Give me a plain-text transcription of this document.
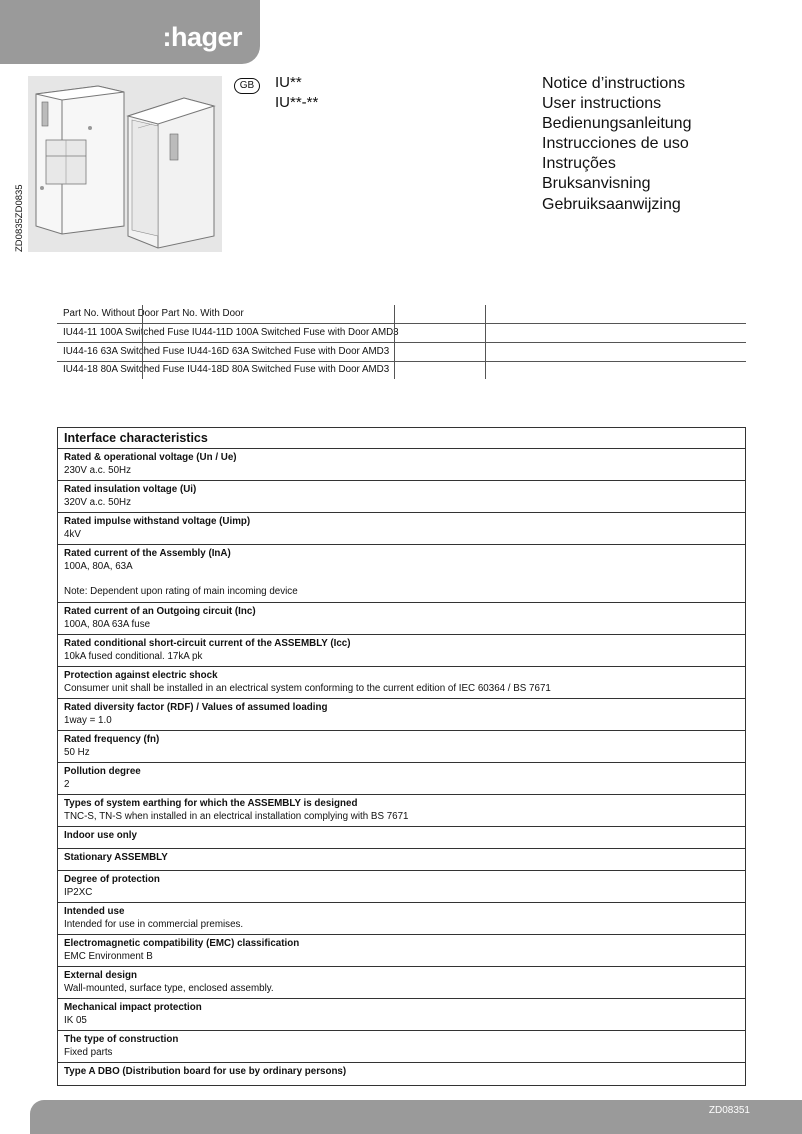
:hager
ZD0835ZD0835
GB	IU**
IU**-**
Notice d’instructions
User instructions
Bedienungsanleitung
Instrucciones de uso
Instruções
Bruksanvisning
Gebruiksaanwijzing
Part No. Without Door Part No. With Door
IU44-11 100A Switched Fuse IU44-11D 100A Switched Fuse with Door AMD3
IU44-16 63A Switched Fuse IU44-16D 63A Switched Fuse with Door AMD3
IU44-18 80A Switched Fuse IU44-18D 80A Switched Fuse with Door AMD3
Interface characteristics
Rated & operational voltage (Un / Ue)
230V a.c. 50Hz
Rated insulation voltage (Ui)
320V a.c. 50Hz
Rated impulse withstand voltage (Uimp)
4kV
Rated current of the Assembly (InA)
100A, 80A, 63A

Note: Dependent upon rating of main incoming device
Rated current of an Outgoing circuit (Inc)
100A, 80A 63A fuse
Rated conditional short-circuit current of the ASSEMBLY (Icc)
10kA fused conditional. 17kA pk
Protection against electric shock
Consumer unit shall be installed in an electrical system conforming to the current edition of IEC 60364 / BS 7671
Rated diversity factor (RDF) / Values of assumed loading
1way = 1.0
Rated frequency (fn)
50 Hz
Pollution degree
2
Types of system earthing for which the ASSEMBLY is designed
TNC-S, TN-S when installed in an electrical installation complying with BS 7671
Indoor use only
Stationary ASSEMBLY
Degree of protection
IP2XC
Intended use
Intended for use in commercial premises.
Electromagnetic compatibility (EMC) classification
EMC Environment B
External design
Wall-mounted, surface type, enclosed assembly.
Mechanical impact protection
IK 05
The type of construction
Fixed parts
Type A DBO (Distribution board for use by ordinary persons)
ZD08351
